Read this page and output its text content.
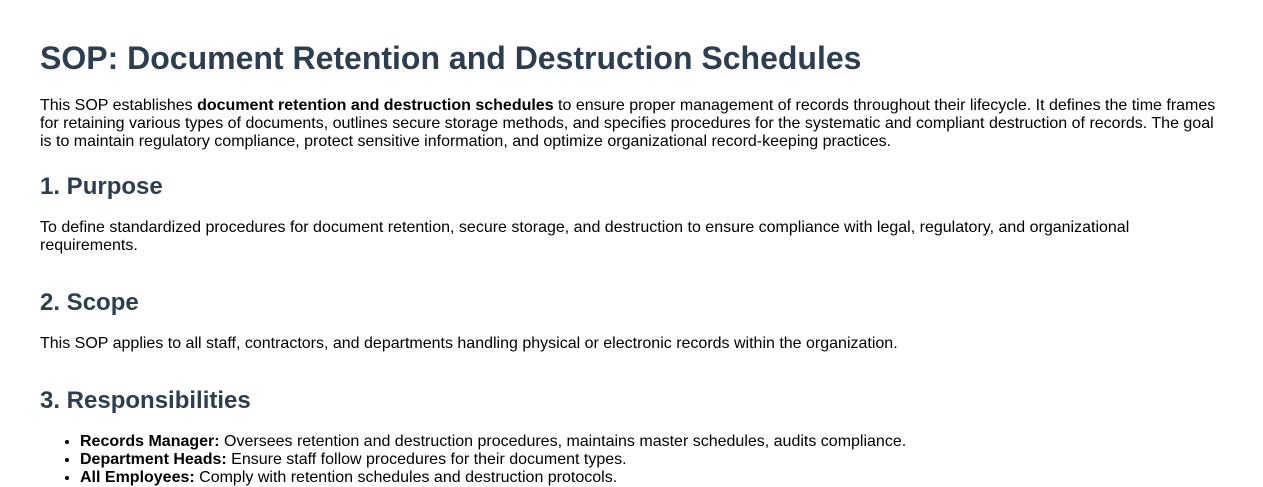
SOP: Document Retention and Destruction Schedules

This SOP establishes document retention and destruction schedules to ensure proper management of records throughout their lifecycle. It defines the time frames for retaining various types of documents, outlines secure storage methods, and specifies procedures for the systematic and compliant destruction of records. The goal is to maintain regulatory compliance, protect sensitive information, and optimize organizational record-keeping practices.

1. Purpose

To define standardized procedures for document retention, secure storage, and destruction to ensure compliance with legal, regulatory, and organizational requirements.

2. Scope

This SOP applies to all staff, contractors, and departments handling physical or electronic records within the organization.

3. Responsibilities
• Records Manager: Oversees retention and destruction procedures, maintains master schedules, audits compliance.
• Department Heads: Ensure staff follow procedures for their document types.
• All Employees: Comply with retention schedules and destruction protocols.
